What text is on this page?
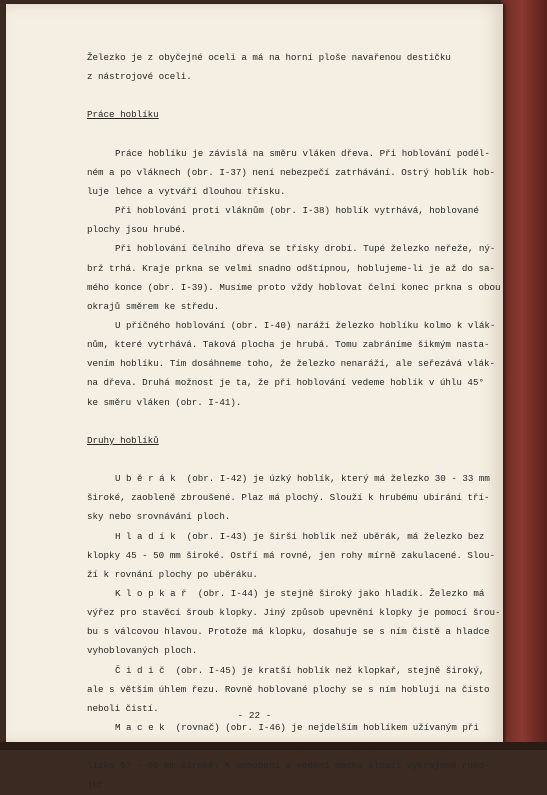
Železko je z obyčejné oceli a má na horní ploše navařenou destičku
z nástrojové oceli.
Práce hoblíku
Práce hoblíku je závislá na směru vláken dřeva. Při hoblování podél-
ném a po vláknech (obr. I-37) není nebezpečí zatrhávání. Ostrý hoblík hob-
luje lehce a vytváří dlouhou třísku.
Při hoblování proti vláknům (obr. I-38) hoblík vytrhává, hoblované
plochy jsou hrubé.
Při hoblování čelního dřeva se třísky drobí. Tupé železko neřeže, ný-
brž trhá. Kraje prkna se velmi snadno odštípnou, hoblujeme-li je až do sa-
mého konce (obr. I-39). Musíme proto vždy hoblovat čelní konec prkna s obou
okrajů směrem ke středu.
U příčného hoblování (obr. I-40) naráží železko hoblíku kolmo k vlák-
nům, které vytrhává. Taková plocha je hrubá. Tomu zabráníme šikmým nasta-
vením hoblíku. Tím dosáhneme toho, že železko nenaráží, ale seřezává vlák-
na dřeva. Druhá možnost je ta, že při hoblování vedeme hoblík v úhlu 45°
ke směru vláken (obr. I-41).
Druhy hoblíků
U b ě r á k  (obr. I-42) je úzký hoblík, který má železko 30 - 33 mm
široké, zaobleně zbroušené. Plaz má plochý. Slouží k hrubému ubírání tří-
sky nebo srovnávání ploch.
H l a d í k  (obr. I-43) je širší hoblík než uběrák, má železko bez
klopky 45 - 50 mm široké. Ostří má rovné, jen rohy mírně zakulacené. Slou-
ží k rovnání plochy po uběráku.
K l o p k a ř  (obr. I-44) je stejně široký jako hladík. Železko má
výřez pro stavěcí šroub klopky. Jiný způsob upevnění klopky je pomocí šrou-
bu s válcovou hlavou. Protože má klopku, dosahuje se s ním čistě a hladce
vyhoblovaných ploch.
Č i d i č  (obr. I-45) je kratší hoblík než klopkař, stejně široký,
ale s větším úhlem řezu. Rovně hoblované plochy se s ním hoblují na čisto
neboli čistí.
M a c e k  (rovnač) (obr. I-46) je nejdelším hoblíkem užívaným při
lízko 57 - 60 mm široké. K uchopení a vedení macku slouží vykrojená ruko-
jeť.
- 22 -
